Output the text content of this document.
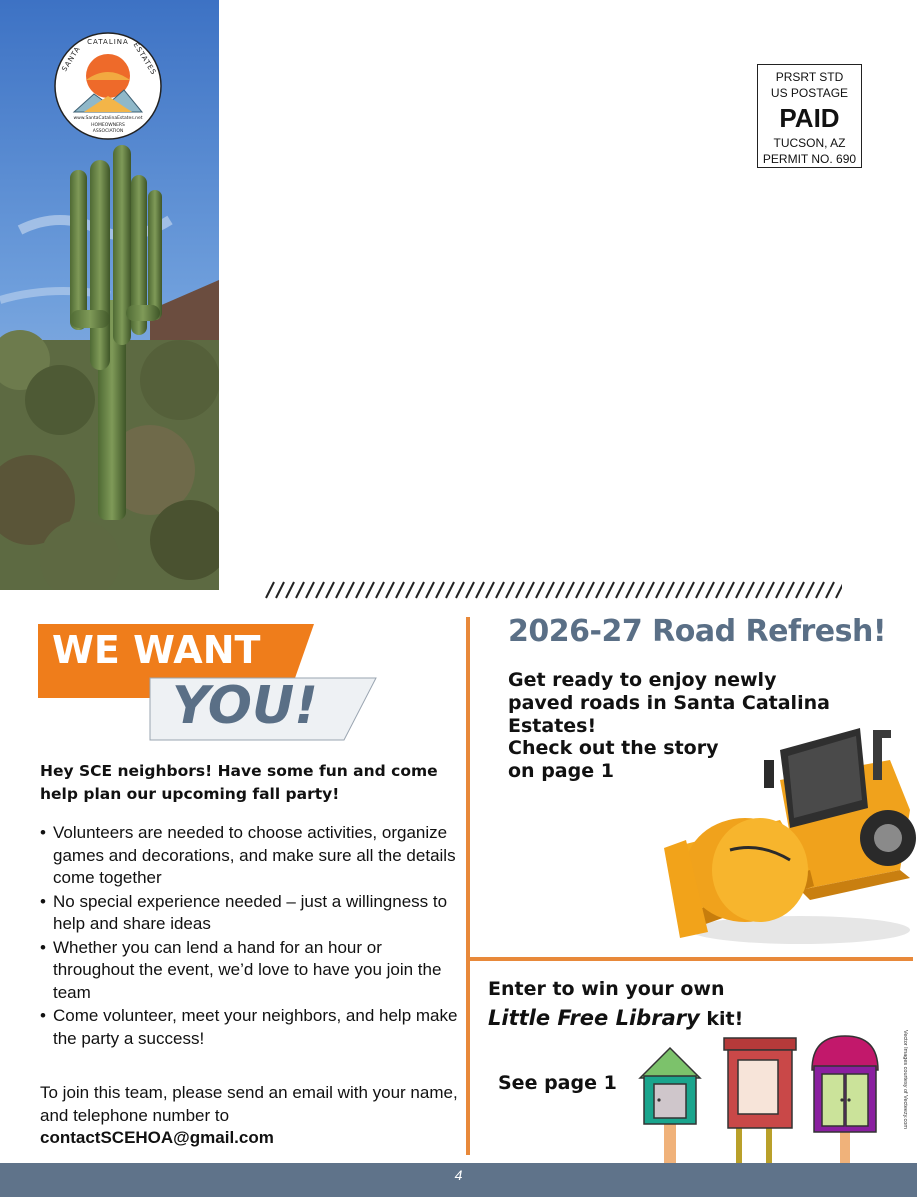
CATALINA
SANTA	ESTATES
www.SantaCatalinaEstates.net
HOMEOWNERS
ASSOCIATION
PRSRT STD
US POSTAGE
PAID
TUCSON, AZ
PERMIT NO. 690
WE WANT
YOU!
Hey SCE neighbors! Have some fun and come help plan our upcoming fall party!
• Volunteers are needed to choose activities, organize games and decorations, and make sure all the details come together
• No special experience needed – just a willingness to help and share ideas
• Whether you can lend a hand for an hour or throughout the event, we’d love to have you join the team
• Come volunteer, meet your neighbors, and help make the party a success!
To join this team, please send an email with your name, and telephone number to
contactSCEHOA@gmail.com
2026-27 Road Refresh!
Get ready to enjoy newly paved roads in Santa Catalina Estates!
Check out the story on page 1
Enter to win your own
Little Free Library kit!
See page 1	Vector Images courtesy of Vecteezy.com
4
